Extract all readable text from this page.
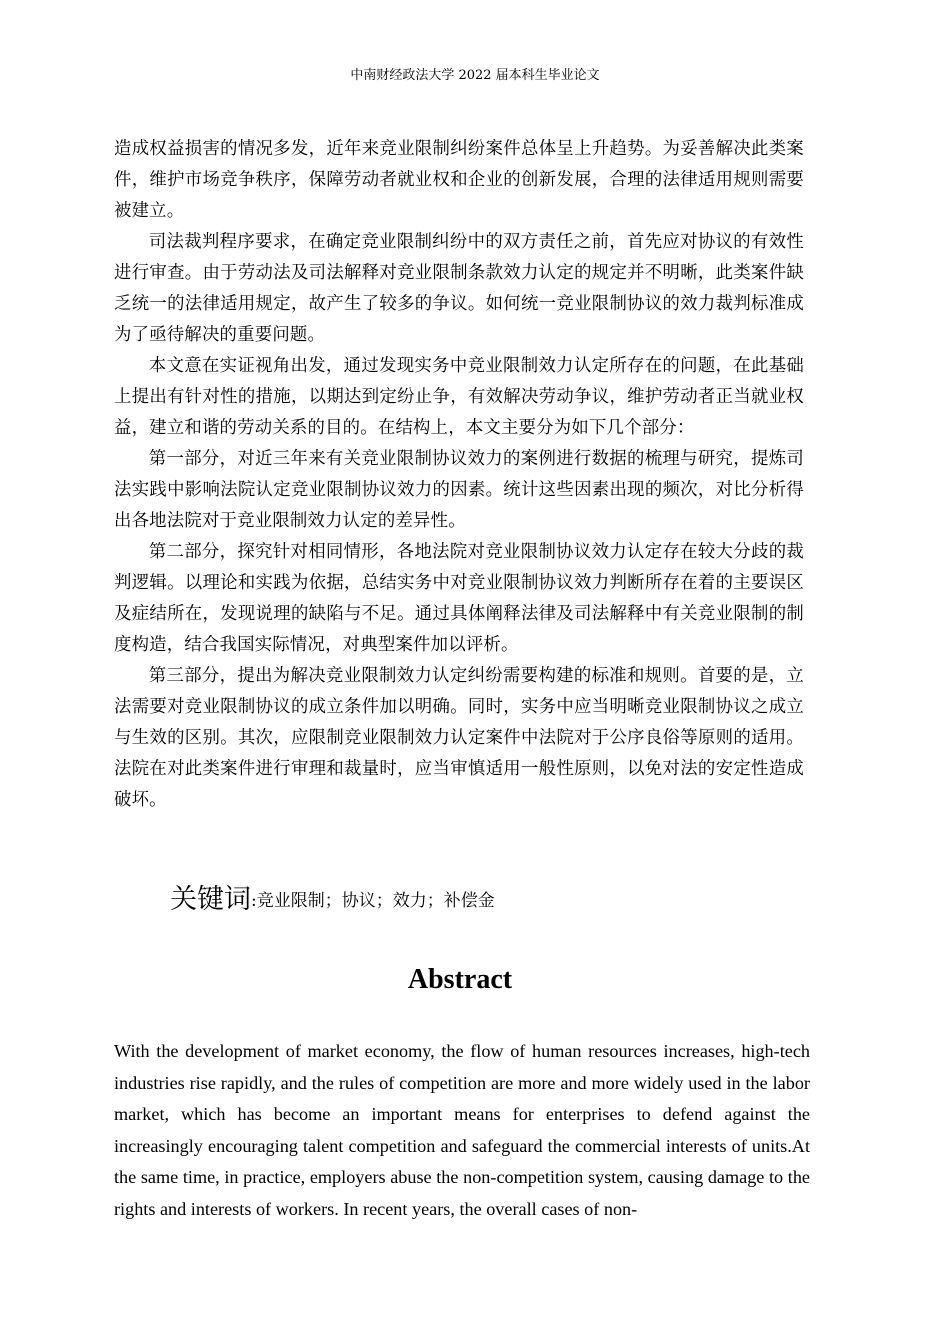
中南财经政法大学 2022 届本科生毕业论文

造成权益损害的情况多发，近年来竞业限制纠纷案件总体呈上升趋势。为妥善解决此类案件，维护市场竞争秩序，保障劳动者就业权和企业的创新发展，合理的法律适用规则需要被建立。

司法裁判程序要求，在确定竞业限制纠纷中的双方责任之前，首先应对协议的有效性进行审查。由于劳动法及司法解释对竞业限制条款效力认定的规定并不明晰，此类案件缺乏统一的法律适用规定，故产生了较多的争议。如何统一竞业限制协议的效力裁判标准成为了亟待解决的重要问题。

本文意在实证视角出发，通过发现实务中竞业限制效力认定所存在的问题，在此基础上提出有针对性的措施，以期达到定纷止争，有效解决劳动争议，维护劳动者正当就业权益，建立和谐的劳动关系的目的。在结构上，本文主要分为如下几个部分：

第一部分，对近三年来有关竞业限制协议效力的案例进行数据的梳理与研究，提炼司法实践中影响法院认定竞业限制协议效力的因素。统计这些因素出现的频次，对比分析得出各地法院对于竞业限制效力认定的差异性。

第二部分，探究针对相同情形，各地法院对竞业限制协议效力认定存在较大分歧的裁判逻辑。以理论和实践为依据，总结实务中对竞业限制协议效力判断所存在着的主要误区及症结所在，发现说理的缺陷与不足。通过具体阐释法律及司法解释中有关竞业限制的制度构造，结合我国实际情况，对典型案件加以评析。

第三部分，提出为解决竞业限制效力认定纠纷需要构建的标准和规则。首要的是，立法需要对竞业限制协议的成立条件加以明确。同时，实务中应当明晰竞业限制协议之成立与生效的区别。其次，应限制竞业限制效力认定案件中法院对于公序良俗等原则的适用。法院在对此类案件进行审理和裁量时，应当审慎适用一般性原则，以免对法的安定性造成破坏。

关键词:竞业限制；协议；效力；补偿金
Abstract

With the development of market economy, the flow of human resources increases, high-tech industries rise rapidly, and the rules of competition are more and more widely used in the labor market, which has become an important means for enterprises to defend against the increasingly encouraging talent competition and safeguard the commercial interests of units.At the same time, in practice, employers abuse the non-competition system, causing damage to the rights and interests of workers. In recent years, the overall cases of non-
